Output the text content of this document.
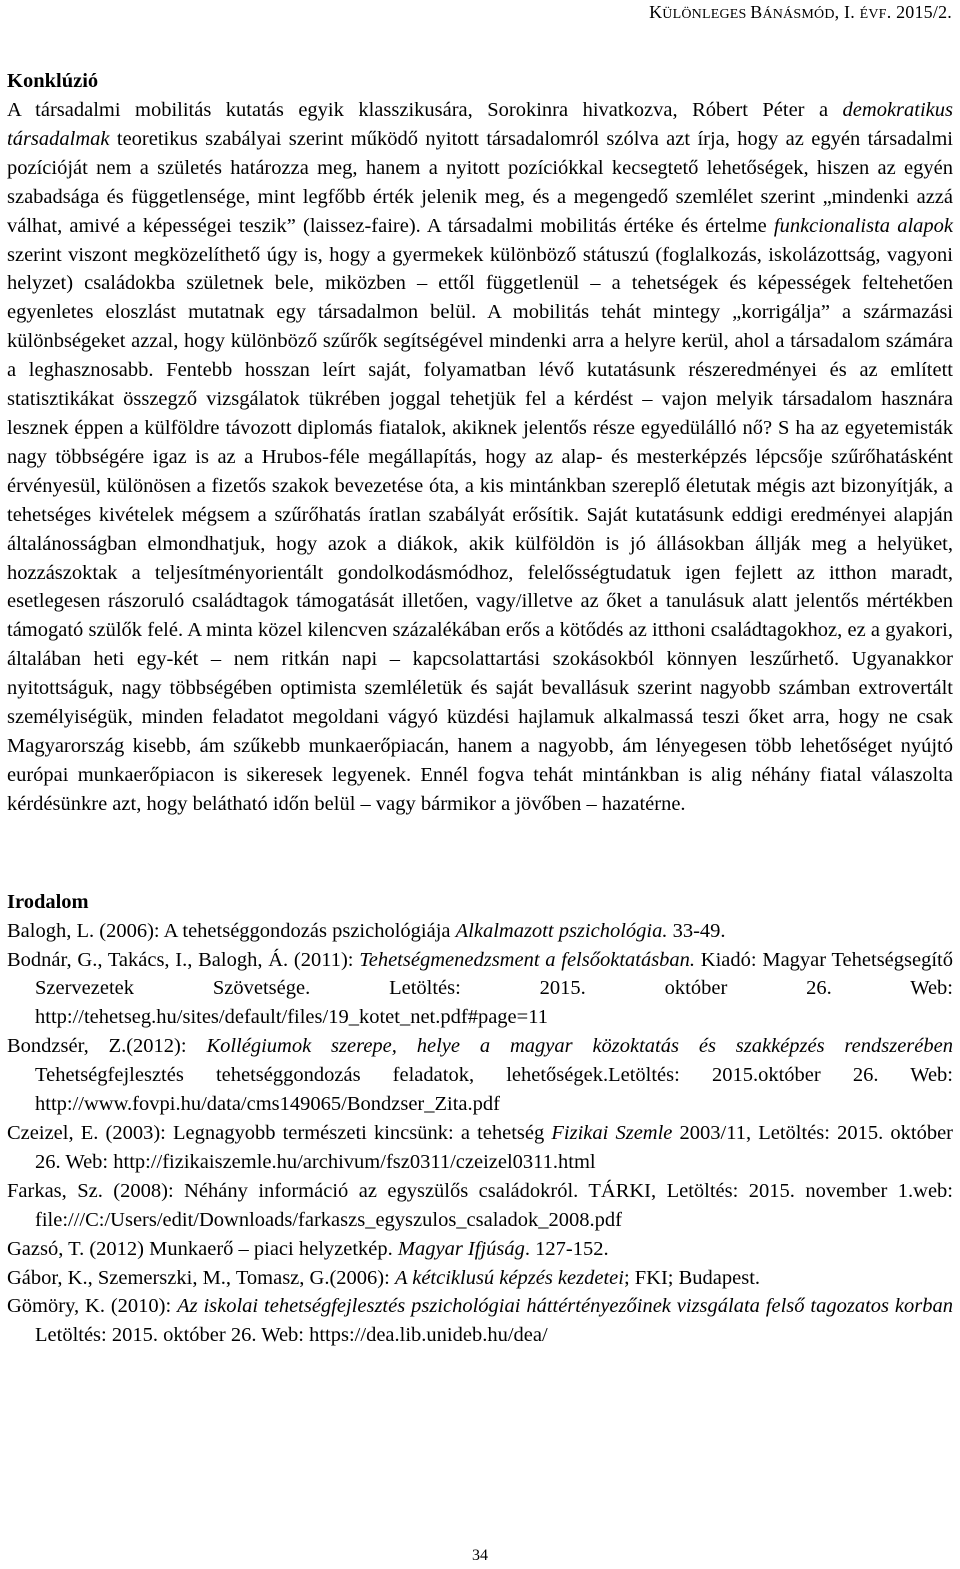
KÜLÖNLEGES BÁNÁSMÓD, I. ÉVF. 2015/2.
Konklúzió

A társadalmi mobilitás kutatás egyik klasszikusára, Sorokinra hivatkozva, Róbert Péter a demokratikus társadalmak teoretikus szabályai szerint működő nyitott társadalomról szólva azt írja, hogy az egyén társadalmi pozícióját nem a születés határozza meg, hanem a nyitott pozíciókkal kecsegtető lehetőségek, hiszen az egyén szabadsága és függetlensége, mint legfőbb érték jelenik meg, és a megengedő szemlélet szerint „mindenki azzá válhat, amivé a képességei teszik” (laissez-faire). A társadalmi mobilitás értéke és értelme funkcionalista alapok szerint viszont megközelíthető úgy is, hogy a gyermekek különböző státuszú (foglalkozás, iskolázottság, vagyoni helyzet) családokba születnek bele, miközben – ettől függetlenül – a tehetségek és képességek feltehetően egyenletes eloszlást mutatnak egy társadalmon belül. A mobilitás tehát mintegy „korrigálja” a származási különbségeket azzal, hogy különböző szűrők segítségével mindenki arra a helyre kerül, ahol a társadalom számára a leghasznosabb. Fentebb hosszan leírt saját, folyamatban lévő kutatásunk részeredményei és az említett statisztikákat összegző vizsgálatok tükrében joggal tehetjük fel a kérdést – vajon melyik társadalom hasznára lesznek éppen a külföldre távozott diplomás fiatalok, akiknek jelentős része egyedülálló nő? S ha az egyetemisták nagy többségére igaz is az a Hrubos-féle megállapítás, hogy az alap- és mesterképzés lépcsője szűrőhatásként érvényesül, különösen a fizetős szakok bevezetése óta, a kis mintánkban szereplő életutak mégis azt bizonyítják, a tehetséges kivételek mégsem a szűrőhatás íratlan szabályát erősítik. Saját kutatásunk eddigi eredményei alapján általánosságban elmondhatjuk, hogy azok a diákok, akik külföldön is jó állásokban állják meg a helyüket, hozzászoktak a teljesítményorientált gondolkodásmódhoz, felelősségtudatuk igen fejlett az itthon maradt, esetlegesen rászoruló családtagok támogatását illetően, vagy/illetve az őket a tanulásuk alatt jelentős mértékben támogató szülők felé. A minta közel kilencven százalékában erős a kötődés az itthoni családtagokhoz, ez a gyakori, általában heti egy-két – nem ritkán napi – kapcsolattartási szokásokból könnyen leszűrhető. Ugyanakkor nyitottságuk, nagy többségében optimista szemléletük és saját bevallásuk szerint nagyobb számban extrovertált személyiségük, minden feladatot megoldani vágyó küzdési hajlamuk alkalmassá teszi őket arra, hogy ne csak Magyarország kisebb, ám szűkebb munkaerőpiacán, hanem a nagyobb, ám lényegesen több lehetőséget nyújtó európai munkaerőpiacon is sikeresek legyenek. Ennél fogva tehát mintánkban is alig néhány fiatal válaszolta kérdésünkre azt, hogy belátható időn belül – vagy bármikor a jövőben – hazatérne.

Irodalom
Balogh, L. (2006): A tehetséggondozás pszichológiája Alkalmazott pszichológia. 33-49.
Bodnár, G., Takács, I., Balogh, Á. (2011): Tehetségmenedzsment a felsőoktatásban. Kiadó: Magyar Tehetségsegítő Szervezetek Szövetsége. Letöltés: 2015. október 26. Web: http://tehetseg.hu/sites/default/files/19_kotet_net.pdf#page=11
Bondzsér, Z.(2012): Kollégiumok szerepe, helye a magyar közoktatás és szakképzés rendszerében Tehetségfejlesztés tehetséggondozás feladatok, lehetőségek.Letöltés: 2015.október 26. Web: http://www.fovpi.hu/data/cms149065/Bondzser_Zita.pdf
Czeizel, E. (2003): Legnagyobb természeti kincsünk: a tehetség Fizikai Szemle 2003/11, Letöltés: 2015. október 26. Web: http://fizikaiszemle.hu/archivum/fsz0311/czeizel0311.html
Farkas, Sz. (2008): Néhány információ az egyszülős családokról. TÁRKI, Letöltés: 2015. november 1.web: file:///C:/Users/edit/Downloads/farkaszs_egyszulos_csaladok_2008.pdf
Gazsó, T. (2012) Munkaerő – piaci helyzetkép. Magyar Ifjúság. 127-152.
Gábor, K., Szemerszki, M., Tomasz, G.(2006): A kétciklusú képzés kezdetei; FKI; Budapest.
Gömöry, K. (2010): Az iskolai tehetségfejlesztés pszichológiai háttértényezőinek vizsgálata felső tagozatos korban Letöltés: 2015. október 26. Web: https://dea.lib.unideb.hu/dea/
34
